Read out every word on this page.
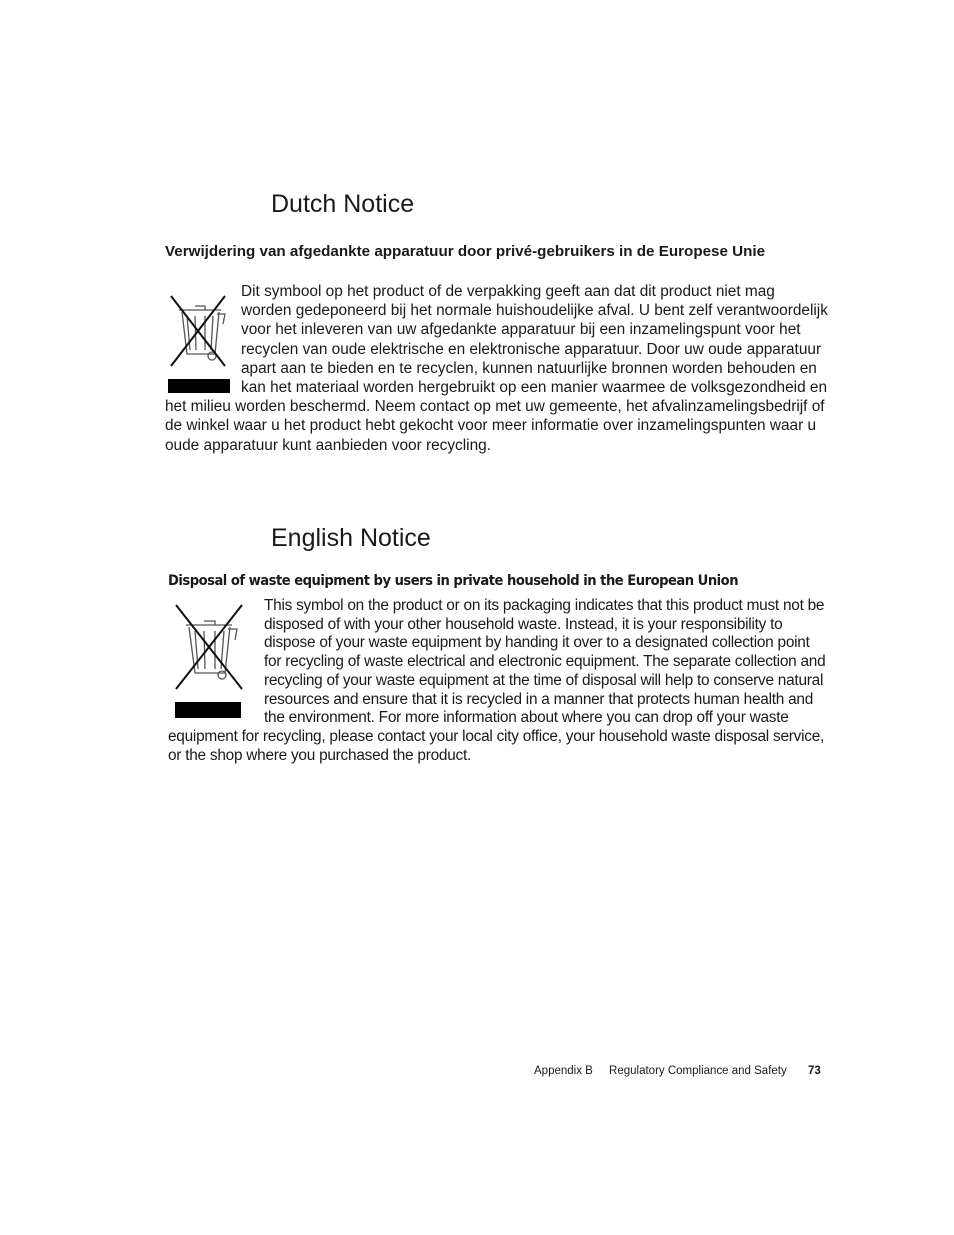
Dutch Notice
Verwijdering van afgedankte apparatuur door privé-gebruikers in de Europese Unie
Dit symbool op het product of de verpakking geeft aan dat dit product niet mag worden gedeponeerd bij het normale huishoudelijke afval. U bent zelf verantwoordelijk voor het inleveren van uw afgedankte apparatuur bij een inzamelingspunt voor het recyclen van oude elektrische en elektronische apparatuur. Door uw oude apparatuur apart aan te bieden en te recyclen, kunnen natuurlijke bronnen worden behouden en kan het materiaal worden hergebruikt op een manier waarmee de volksgezondheid en het milieu worden beschermd. Neem contact op met uw gemeente, het afvalinzamelingsbedrijf of de winkel waar u het product hebt gekocht voor meer informatie over inzamelingspunten waar u oude apparatuur kunt aanbieden voor recycling.
English Notice
Disposal of waste equipment by users in private household in the European Union
This symbol on the product or on its packaging indicates that this product must not be disposed of with your other household waste. Instead, it is your responsibility to dispose of your waste equipment by handing it over to a designated collection point for recycling of waste electrical and electronic equipment. The separate collection and recycling of your waste equipment at the time of disposal will help to conserve natural resources and ensure that it is recycled in a manner that protects human health and the environment. For more information about where you can drop off your waste equipment for recycling, please contact your local city office, your household waste disposal service, or the shop where you purchased the product.
Appendix B Regulatory Compliance and Safety 73
